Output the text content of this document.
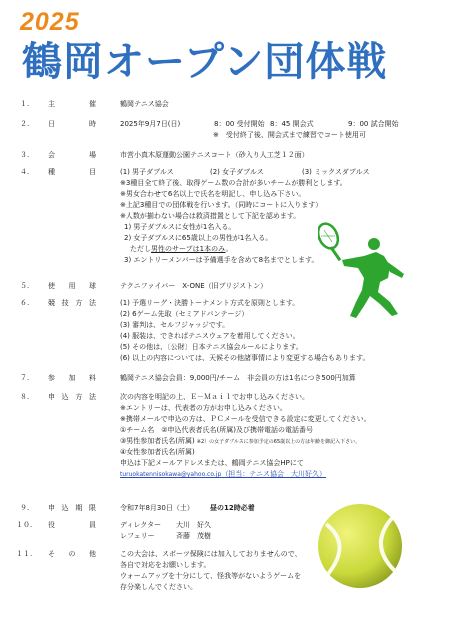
2025
鶴岡オープン団体戦
１.	主	催	鶴岡テニス協会
２.	日	時	2025年9月7日(日)	8：00 受付開始 8：45 開会式	9：00 試合開始
※　受付終了後、開会式まで練習でコート使用可
３.	会	場	市営小真木原運動公園テニスコート（砂入り人工芝１２面）
４.	種	目	(1) 男子ダブルス	(2) 女子ダブルス	(3) ミックスダブルス
※3種目全て終了後、取得ゲーム数の合計が多いチームが勝利とします。
※男女合わせて6名以上で氏名を明記し、申し込み下さい。
※上記3種目での団体戦を行います。（同時にコートに入ります）
※人数が揃わない場合は救済措置として下記を認めます。
1) 男子ダブルスに女性が1名入る。
2) 女子ダブルスに65歳以上の男性が1名入る。
ただし男性のサーブは1本のみ。
3) エントリーメンバーは予備選手を含めて8名までとします。
５.	使 用 球	テクニファイバー　X-ONE（旧ブリジストン）
６.	競 技 方 法	(1) 予選リーグ・決勝トーナメント方式を原則とします。
(2) 6ゲーム先取（セミアドバンテージ）
(3) 審判は、セルフジャッジです。
(4) 服装は、できればテニスウェアを着用してください。
(5) その他は、〔公財〕日本テニス協会ルールによります。
(6) 以上の内容については、天候その他諸事情により変更する場合もあります。
７.	参 加 料	鶴岡テニス協会会員：9,000円/チーム　非会員の方は1名につき500円加算
８.	申 込 方 法	次の内容を明記の上、Ｅ－Ｍａｉｌでお申し込みください。
※エントリーは、代表者の方がお申し込みください。
※携帯メールで申込の方は、ＰＣメールを受信できる設定に変更してください。
①チーム名　②申込代表者氏名(所属)及び携帯電話の電話番号
③男性参加者氏名(所属) ※2）の女子ダブルスに参加予定の65歳以上の方は年齢を御記入下さい。
④女性参加者氏名(所属)
申込は下記メールアドレスまたは、鶴岡テニス協会HPにて
turuokatennisokawa@yahoo.co.jp（担当：テニス協会　大川好久）
９.	申 込 期 限	令和7年8月30日（土） 昼の12時必着
１０.	役	員	ディレクター 大川　好久
レフェリー	斉藤　茂樹
１１.	そ の 他	この大会は、スポーツ保険には加入しておりませんので、各自で対応をお願いします。
ウォームアップを十分にして、怪我等がないようゲームを存分楽しんでください。
